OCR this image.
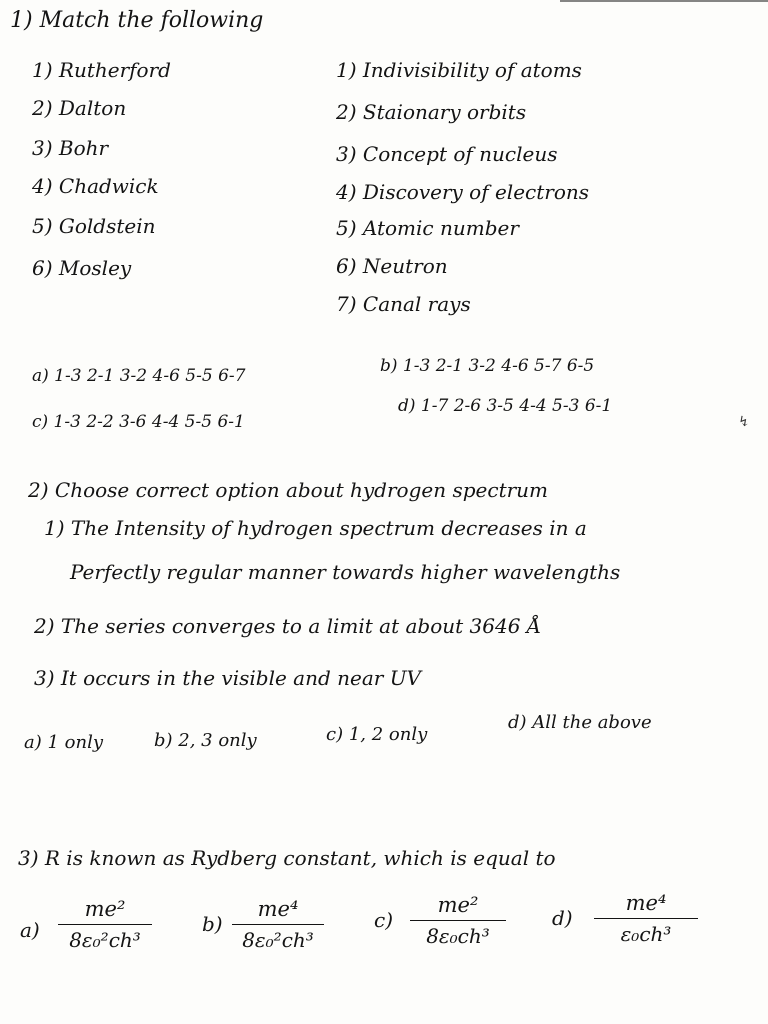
1) Match the following
1) Rutherford
2) Dalton
3) Bohr
4) Chadwick
5) Goldstein
6) Mosley
1) Indivisibility of atoms
2) Staionary orbits
3) Concept of nucleus
4) Discovery of electrons
5) Atomic number
6) Neutron
7) Canal rays
a) 1-3 2-1 3-2 4-6 5-5 6-7	b) 1-3 2-1 3-2 4-6 5-7 6-5
c) 1-3 2-2 3-6 4-4 5-5 6-1
d) 1-7 2-6 3-5 4-4 5-3 6-1
↯
2) Choose correct option about hydrogen spectrum
1) The Intensity of hydrogen spectrum decreases in a
Perfectly regular manner towards higher wavelengths
2) The series converges to a limit at about 3646 Å
3) It occurs in the visible and near UV
a) 1 only	b) 2, 3 only	c) 1, 2 only
d) All the above
3) R is known as Rydberg constant, which is equal to
a)
me²
8ε₀²ch³
b)
me⁴
8ε₀²ch³
c)
me²
8ε₀ch³
d)
me⁴
ε₀ch³
